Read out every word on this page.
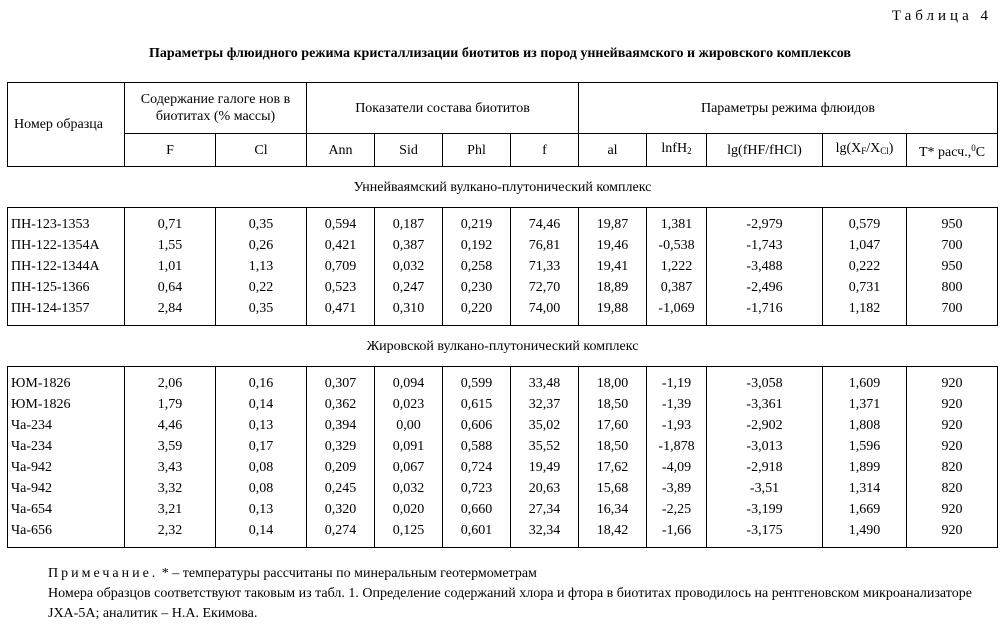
Таблица 4
Параметры флюидного режима кристаллизации биотитов из пород уннейваямского и жировского комплексов
Номер образца	Содержание галоге нов в биотитах (% массы)		Показатели состава биотитов				Параметры режима флюидов				
	F	Cl	Ann	Sid	Phl	f	al	lnfH$_2$	lg(fHF/fHCl)	$\lg(X_F/X_{Cl})$	T* расч.,$^0$С
Уннейваямский вулкано-плутонический комплекс											
ПН-123-1353	0,71	0,35	0,594	0,187	0,219	74,46	19,87	1,381	-2,979	0,579	950
ПН-122-1354А	1,55	0,26	0,421	0,387	0,192	76,81	19,46	-0,538	-1,743	1,047	700
ПН-122-1344А	1,01	1,13	0,709	0,032	0,258	71,33	19,41	1,222	-3,488	0,222	950
ПН-125-1366	0,64	0,22	0,523	0,247	0,230	72,70	18,89	0,387	-2,496	0,731	800
ПН-124-1357	2,84	0,35	0,471	0,310	0,220	74,00	19,88	-1,069	-1,716	1,182	700
Жировской вулкано-плутонический комплекс											
ЮМ-1826	2,06	0,16	0,307	0,094	0,599	33,48	18,00	-1,19	-3,058	1,609	920
ЮМ-1826	1,79	0,14	0,362	0,023	0,615	32,37	18,50	-1,39	-3,361	1,371	920
Ча-234	4,46	0,13	0,394	0,00	0,606	35,02	17,60	-1,93	-2,902	1,808	920
Ча-234	3,59	0,17	0,329	0,091	0,588	35,52	18,50	-1,878	-3,013	1,596	920
Ча-942	3,43	0,08	0,209	0,067	0,724	19,49	17,62	-4,09	-2,918	1,899	820
Ча-942	3,32	0,08	0,245	0,032	0,723	20,63	15,68	-3,89	-3,51	1,314	820
Ча-654	3,21	0,13	0,320	0,020	0,660	27,34	16,34	-2,25	-3,199	1,669	920
Ча-656	2,32	0,14	0,274	0,125	0,601	32,34	18,42	-1,66	-3,175	1,490	920
Примечание. * – температуры рассчитаны по минеральным геотермометрам
Номера образцов соответствуют таковым из табл. 1. Определение содержаний хлора и фтора в биотитах проводилось на рентгеновском микроанализаторе JXA-5A; аналитик – Н.А. Екимова.
